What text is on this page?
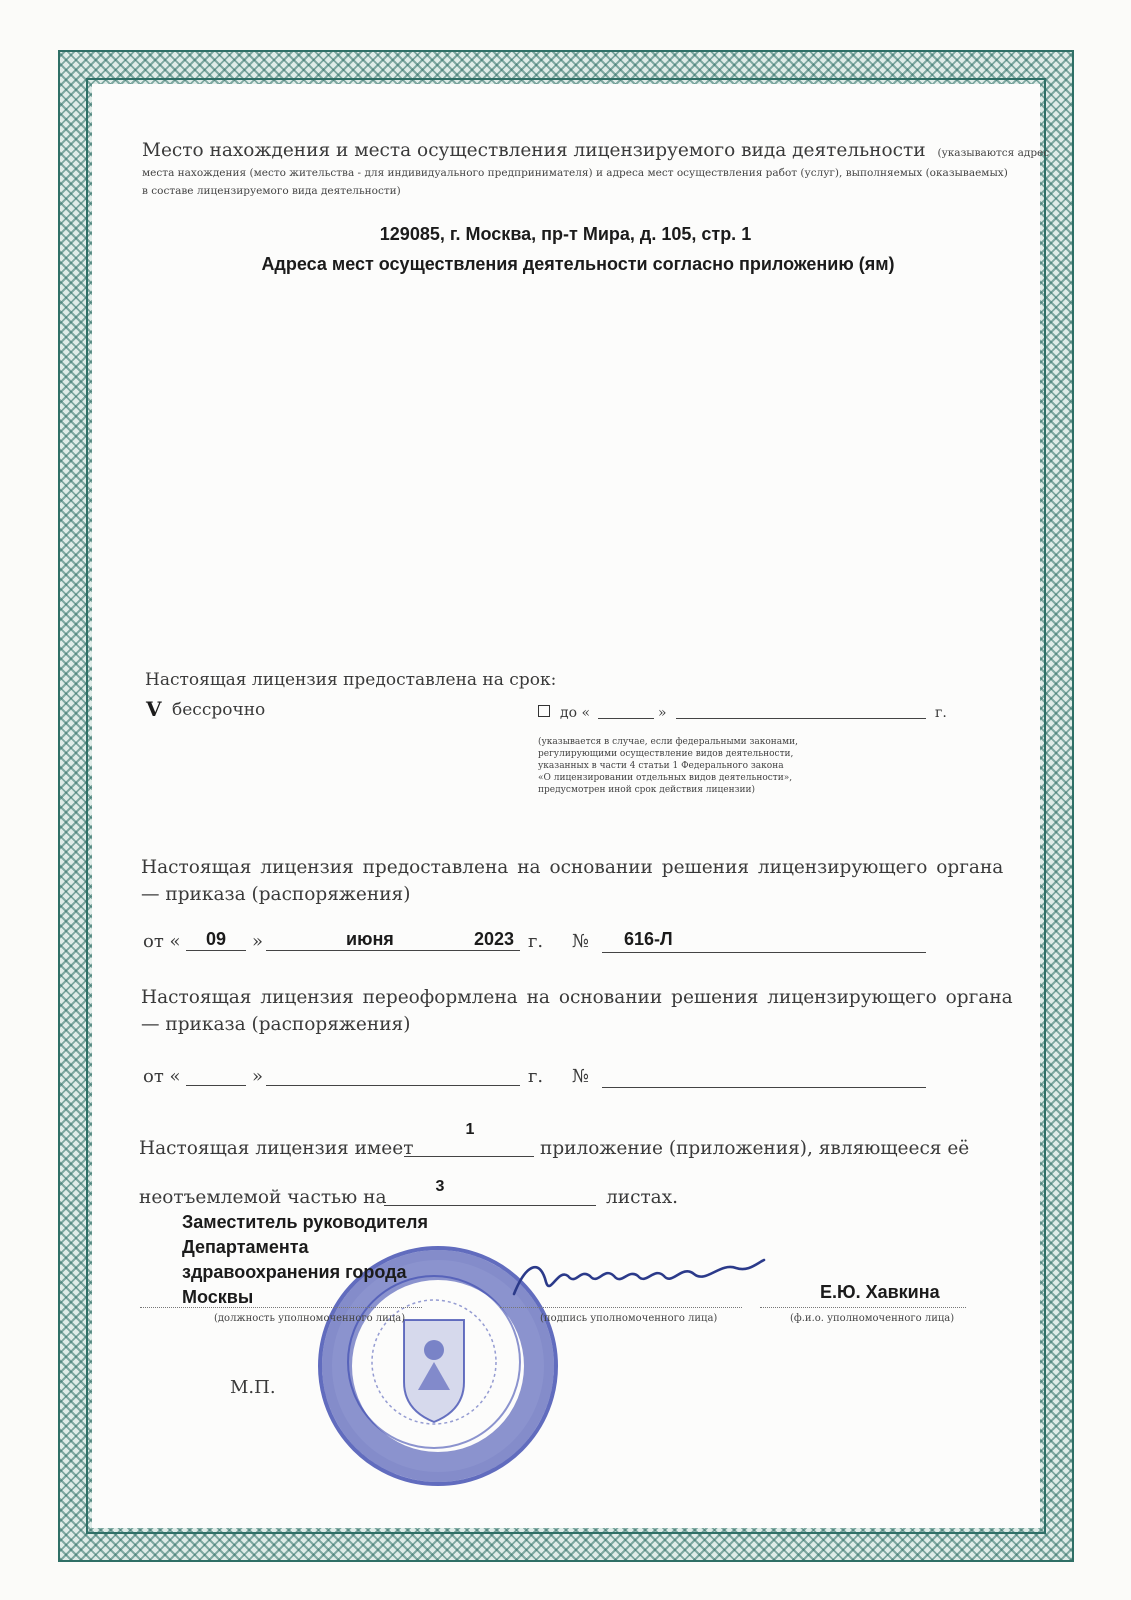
Место нахождения и места осуществления лицензируемого вида деятельности (указываются адрес
места нахождения (место жительства - для индивидуального предпринимателя) и адреса мест осуществления работ (услуг), выполняемых (оказываемых)
в составе лицензируемого вида деятельности)
129085, г. Москва, пр-т Мира, д. 105, стр. 1
Адреса мест осуществления деятельности согласно приложению (ям)
Настоящая лицензия предоставлена на срок:
V бессрочно	до «	»	г.
(указывается в случае, если федеральными законами,
регулирующими осуществление видов деятельности,
указанных в части 4 статьи 1 Федерального закона
«О лицензировании отдельных видов деятельности»,
предусмотрен иной срок действия лицензии)
Настоящая лицензия предоставлена на основании решения лицензирующего органа
— приказа (распоряжения)
от «	09	»	июня	2023 г. № 616-Л
Настоящая лицензия переоформлена на основании решения лицензирующего органа
— приказа (распоряжения)
от «	»	г. №
1
Настоящая лицензия имеет	приложение (приложения), являющееся её
3
неотъемлемой частью на	листах.
Заместитель руководителя
Департамента
здравоохранения города
Москвы	Е.Ю. Хавкина
(должность уполномоченного лица)	(подпись уполномоченного лица)	(ф.и.о. уполномоченного лица)
М.П.
